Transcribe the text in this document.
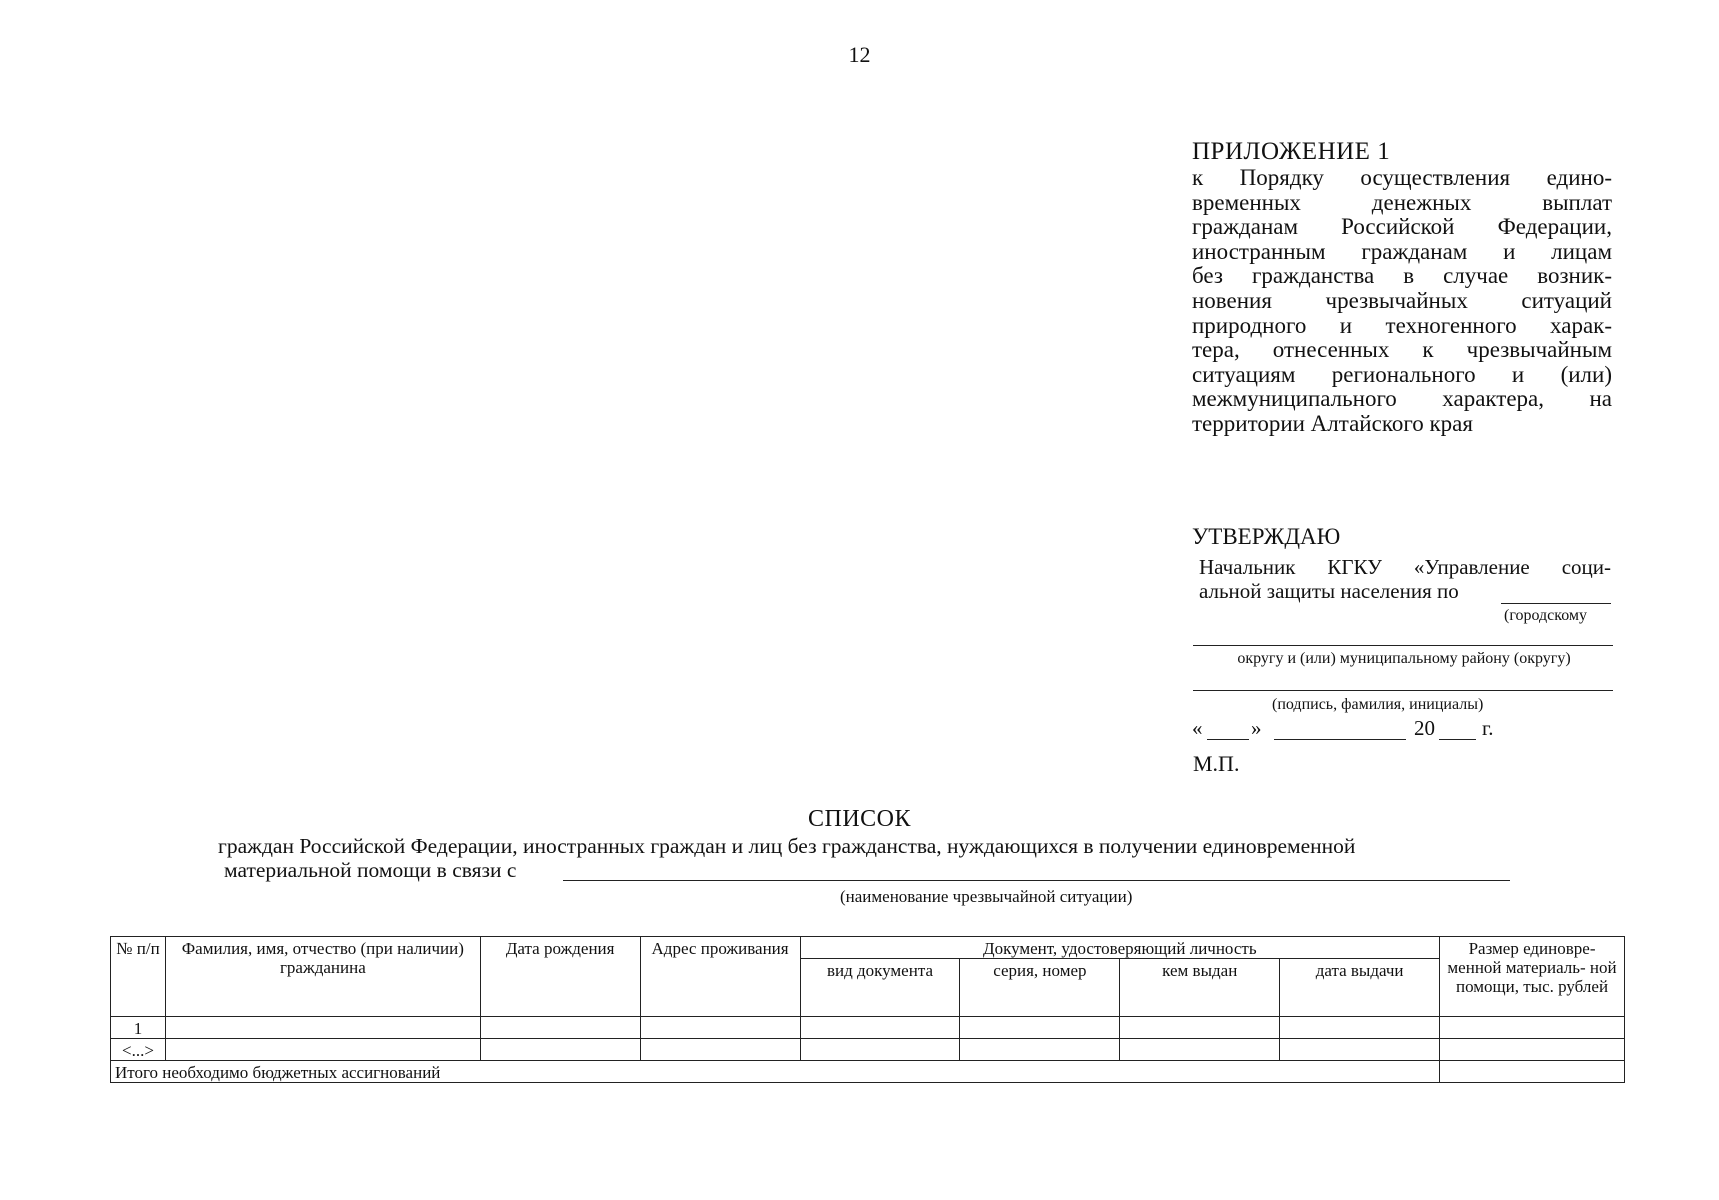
12
ПРИЛОЖЕНИЕ 1
к Порядку осуществления едино-
временных денежных выплат
гражданам Российской Федерации,
иностранным гражданам и лицам
без гражданства в случае возник-
новения чрезвычайных ситуаций
природного и техногенного харак-
тера, отнесенных к чрезвычайным
ситуациям регионального и (или)
межмуниципального характера, на
территории Алтайского края
УТВЕРЖДАЮ
Начальник КГКУ «Управление соци-
альной защиты населения по
(городскому
округу и (или) муниципальному району (округу)
(подпись, фамилия, инициалы)
« »	20 г.
М.П.
СПИСОК
граждан Российской Федерации, иностранных граждан и лиц без гражданства, нуждающихся в получении единовременной
материальной помощи в связи с
(наименование чрезвычайной ситуации)
№ п/п	Фамилия, имя, отчество (при наличии) гражданина	Дата рождения	Адрес проживания	Документ, удостоверяющий личность				Размер единовре- менной материаль- ной помощи, тыс. рублей
				вид документа	серия, номер	кем выдан	дата выдачи	
1								
<...>								
Итого необходимо бюджетных ассигнований								
